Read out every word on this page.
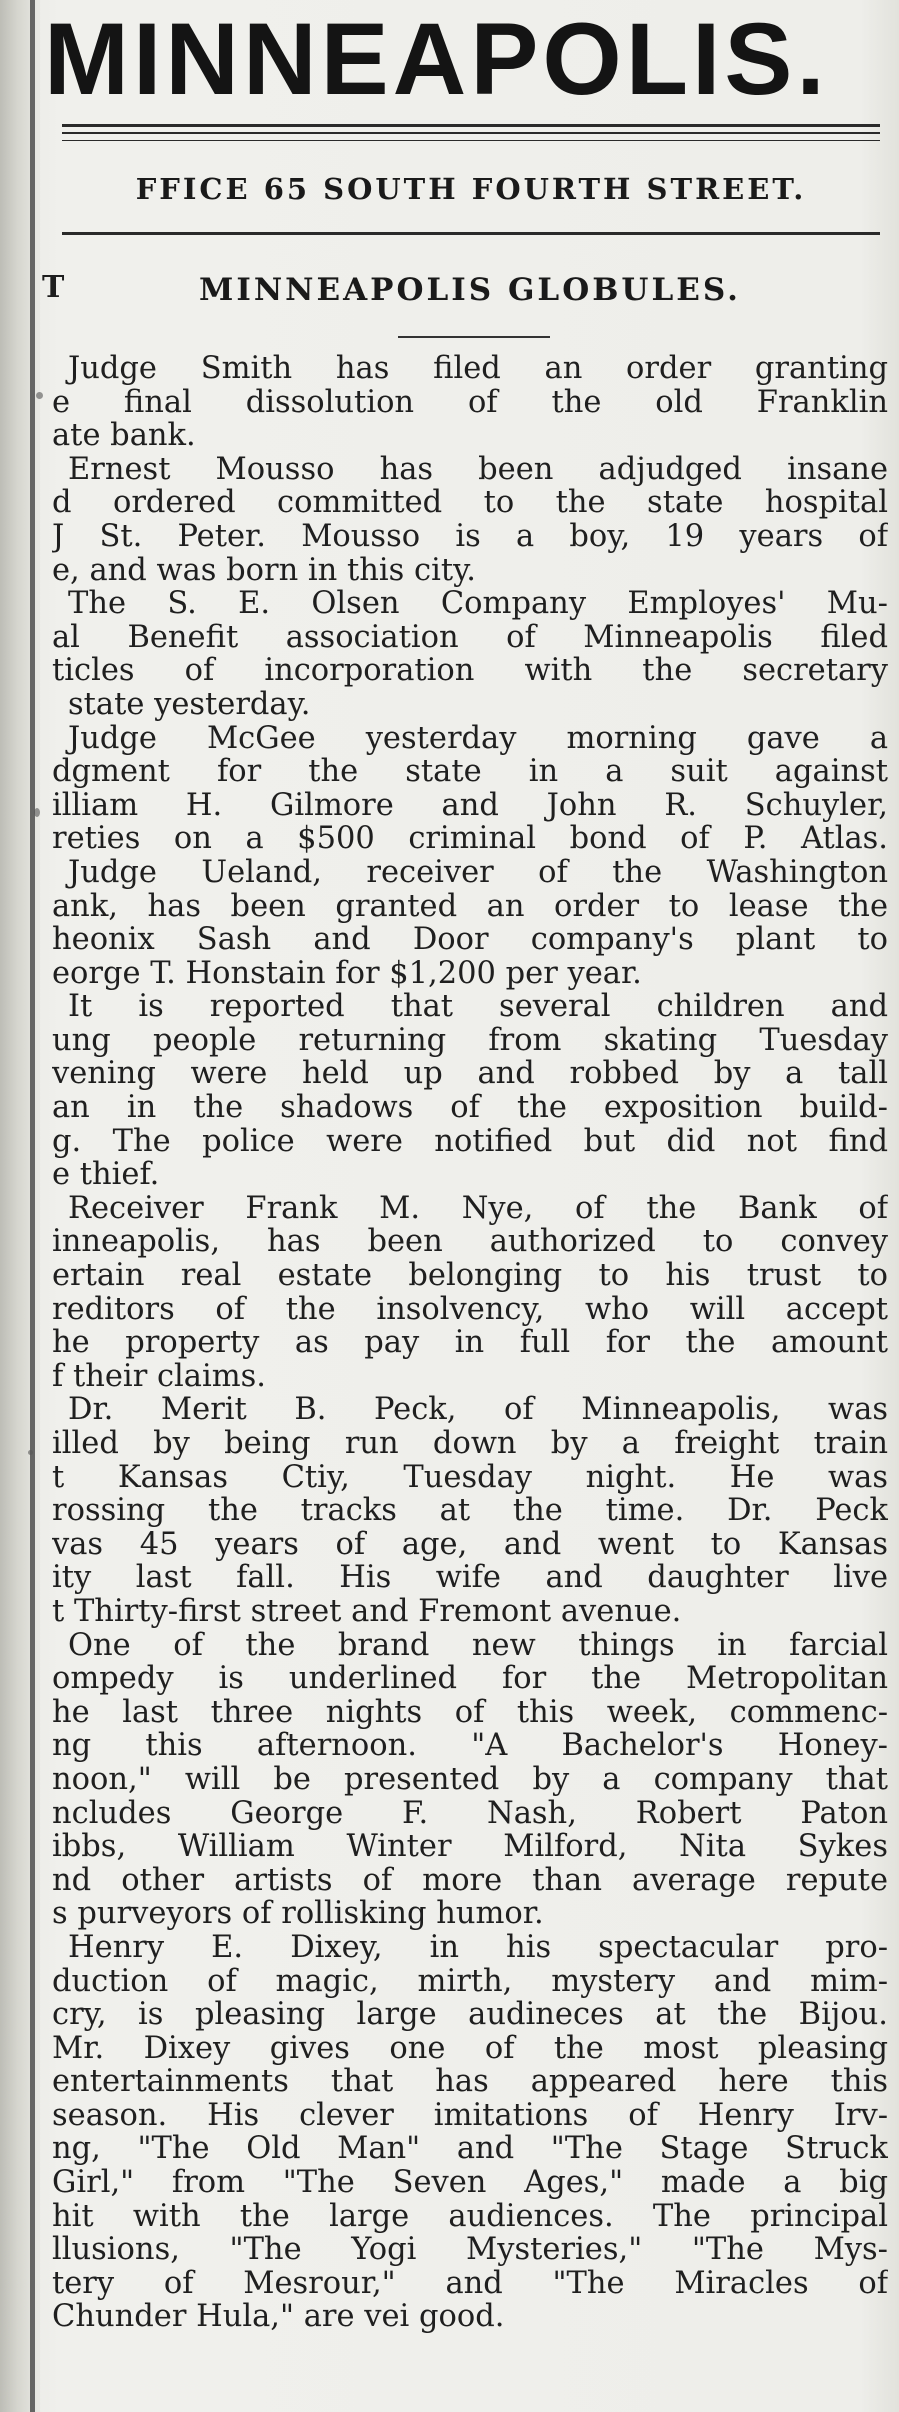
MINNEAPOLIS.
FFICE 65 SOUTH FOURTH STREET.
T	MINNEAPOLIS GLOBULES.
Judge Smith has filed an order granting
e final dissolution of the old Franklin
ate bank.
Ernest Mousso has been adjudged insane
d ordered committed to the state hospital
J St. Peter. Mousso is a boy, 19 years of
e, and was born in this city.
The S. E. Olsen Company Employes' Mu-
al Benefit association of Minneapolis filed
ticles of incorporation with the secretary
state yesterday.
Judge McGee yesterday morning gave a
dgment for the state in a suit against
illiam H. Gilmore and John R. Schuyler,
reties on a $500 criminal bond of P. Atlas.
Judge Ueland, receiver of the Washington
ank, has been granted an order to lease the
heonix Sash and Door company's plant to
eorge T. Honstain for $1,200 per year.
It is reported that several children and
ung people returning from skating Tuesday
vening were held up and robbed by a tall
an in the shadows of the exposition build-
g. The police were notified but did not find
e thief.
Receiver Frank M. Nye, of the Bank of
inneapolis, has been authorized to convey
ertain real estate belonging to his trust to
reditors of the insolvency, who will accept
he property as pay in full for the amount
f their claims.
Dr. Merit B. Peck, of Minneapolis, was
illed by being run down by a freight train
t Kansas Ctiy, Tuesday night. He was
rossing the tracks at the time. Dr. Peck
vas 45 years of age, and went to Kansas
ity last fall. His wife and daughter live
t Thirty-first street and Fremont avenue.
One of the brand new things in farcial
ompedy is underlined for the Metropolitan
he last three nights of this week, commenc-
ng this afternoon. "A Bachelor's Honey-
noon," will be presented by a company that
ncludes George F. Nash, Robert Paton
ibbs, William Winter Milford, Nita Sykes
nd other artists of more than average repute
s purveyors of rollisking humor.
Henry E. Dixey, in his spectacular pro-
duction of magic, mirth, mystery and mim-
cry, is pleasing large audineces at the Bijou.
Mr. Dixey gives one of the most pleasing
entertainments that has appeared here this
season. His clever imitations of Henry Irv-
ng, "The Old Man" and "The Stage Struck
Girl," from "The Seven Ages," made a big
hit with the large audiences. The principal
llusions, "The Yogi Mysteries," "The Mys-
tery of Mesrour," and "The Miracles of
Chunder Hula," are vei good.
